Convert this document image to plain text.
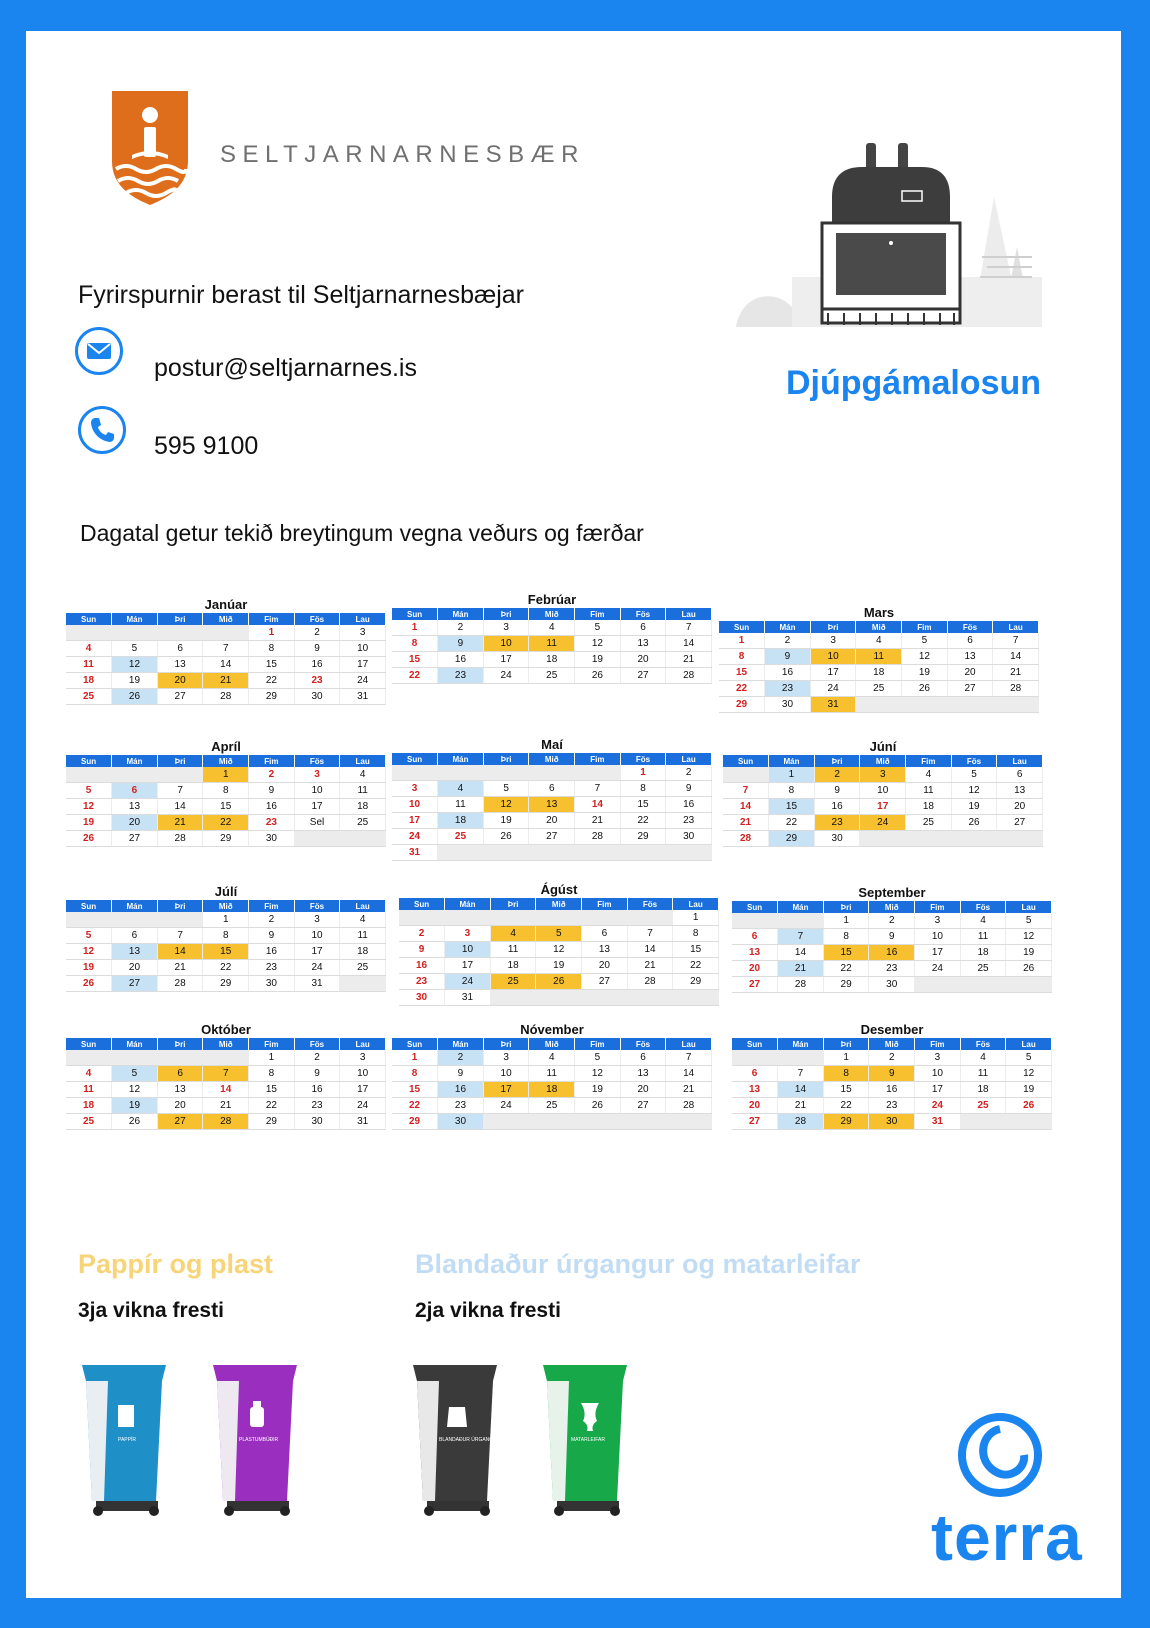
SELTJARNARNESBÆR
Fyrirspurnir berast til Seltjarnarnesbæjar
postur@seltjarnarnes.is
595 9100
Djúpgámalosun
Dagatal getur tekið breytingum vegna veðurs og færðar
Janúar
Sun	Mán	Þri	Mið	Fim	Fös	Lau
				1	2	3
4	5	6	7	8	9	10
11	12	13	14	15	16	17
18	19	20	21	22	23	24
25	26	27	28	29	30	31
Febrúar
Sun	Mán	Þri	Mið	Fim	Fös	Lau
1	2	3	4	5	6	7
8	9	10	11	12	13	14
15	16	17	18	19	20	21
22	23	24	25	26	27	28
Mars
Sun	Mán	Þri	Mið	Fim	Fös	Lau
1	2	3	4	5	6	7
8	9	10	11	12	13	14
15	16	17	18	19	20	21
22	23	24	25	26	27	28
29	30	31				
Apríl
Sun	Mán	Þri	Mið	Fim	Fös	Lau
			1	2	3	4
5	6	7	8	9	10	11
12	13	14	15	16	17	18
19	20	21	22	23	Sel	25
26	27	28	29	30		
Maí
Sun	Mán	Þri	Mið	Fim	Fös	Lau
					1	2
3	4	5	6	7	8	9
10	11	12	13	14	15	16
17	18	19	20	21	22	23
24	25	26	27	28	29	30
31						
Júní
Sun	Mán	Þri	Mið	Fim	Fös	Lau
	1	2	3	4	5	6
7	8	9	10	11	12	13
14	15	16	17	18	19	20
21	22	23	24	25	26	27
28	29	30				
Júlí
Sun	Mán	Þri	Mið	Fim	Fös	Lau
			1	2	3	4
5	6	7	8	9	10	11
12	13	14	15	16	17	18
19	20	21	22	23	24	25
26	27	28	29	30	31	
Ágúst
Sun	Mán	Þri	Mið	Fim	Fös	Lau
						1
2	3	4	5	6	7	8
9	10	11	12	13	14	15
16	17	18	19	20	21	22
23	24	25	26	27	28	29
30	31					
September
Sun	Mán	Þri	Mið	Fim	Fös	Lau
		1	2	3	4	5
6	7	8	9	10	11	12
13	14	15	16	17	18	19
20	21	22	23	24	25	26
27	28	29	30			
Október
Sun	Mán	Þri	Mið	Fim	Fös	Lau
				1	2	3
4	5	6	7	8	9	10
11	12	13	14	15	16	17
18	19	20	21	22	23	24
25	26	27	28	29	30	31
Nóvember
Sun	Mán	Þri	Mið	Fim	Fös	Lau
1	2	3	4	5	6	7
8	9	10	11	12	13	14
15	16	17	18	19	20	21
22	23	24	25	26	27	28
29	30					
Desember
Sun	Mán	Þri	Mið	Fim	Fös	Lau
		1	2	3	4	5
6	7	8	9	10	11	12
13	14	15	16	17	18	19
20	21	22	23	24	25	26
27	28	29	30	31		
Pappír og plast	Blandaður úrgangur og matarleifar
3ja vikna fresti	2ja vikna fresti
PAPPÍR	PLASTUMBÚÐIR	BLANDAÐUR ÚRGANGUR	MATARLEIFAR
terra
